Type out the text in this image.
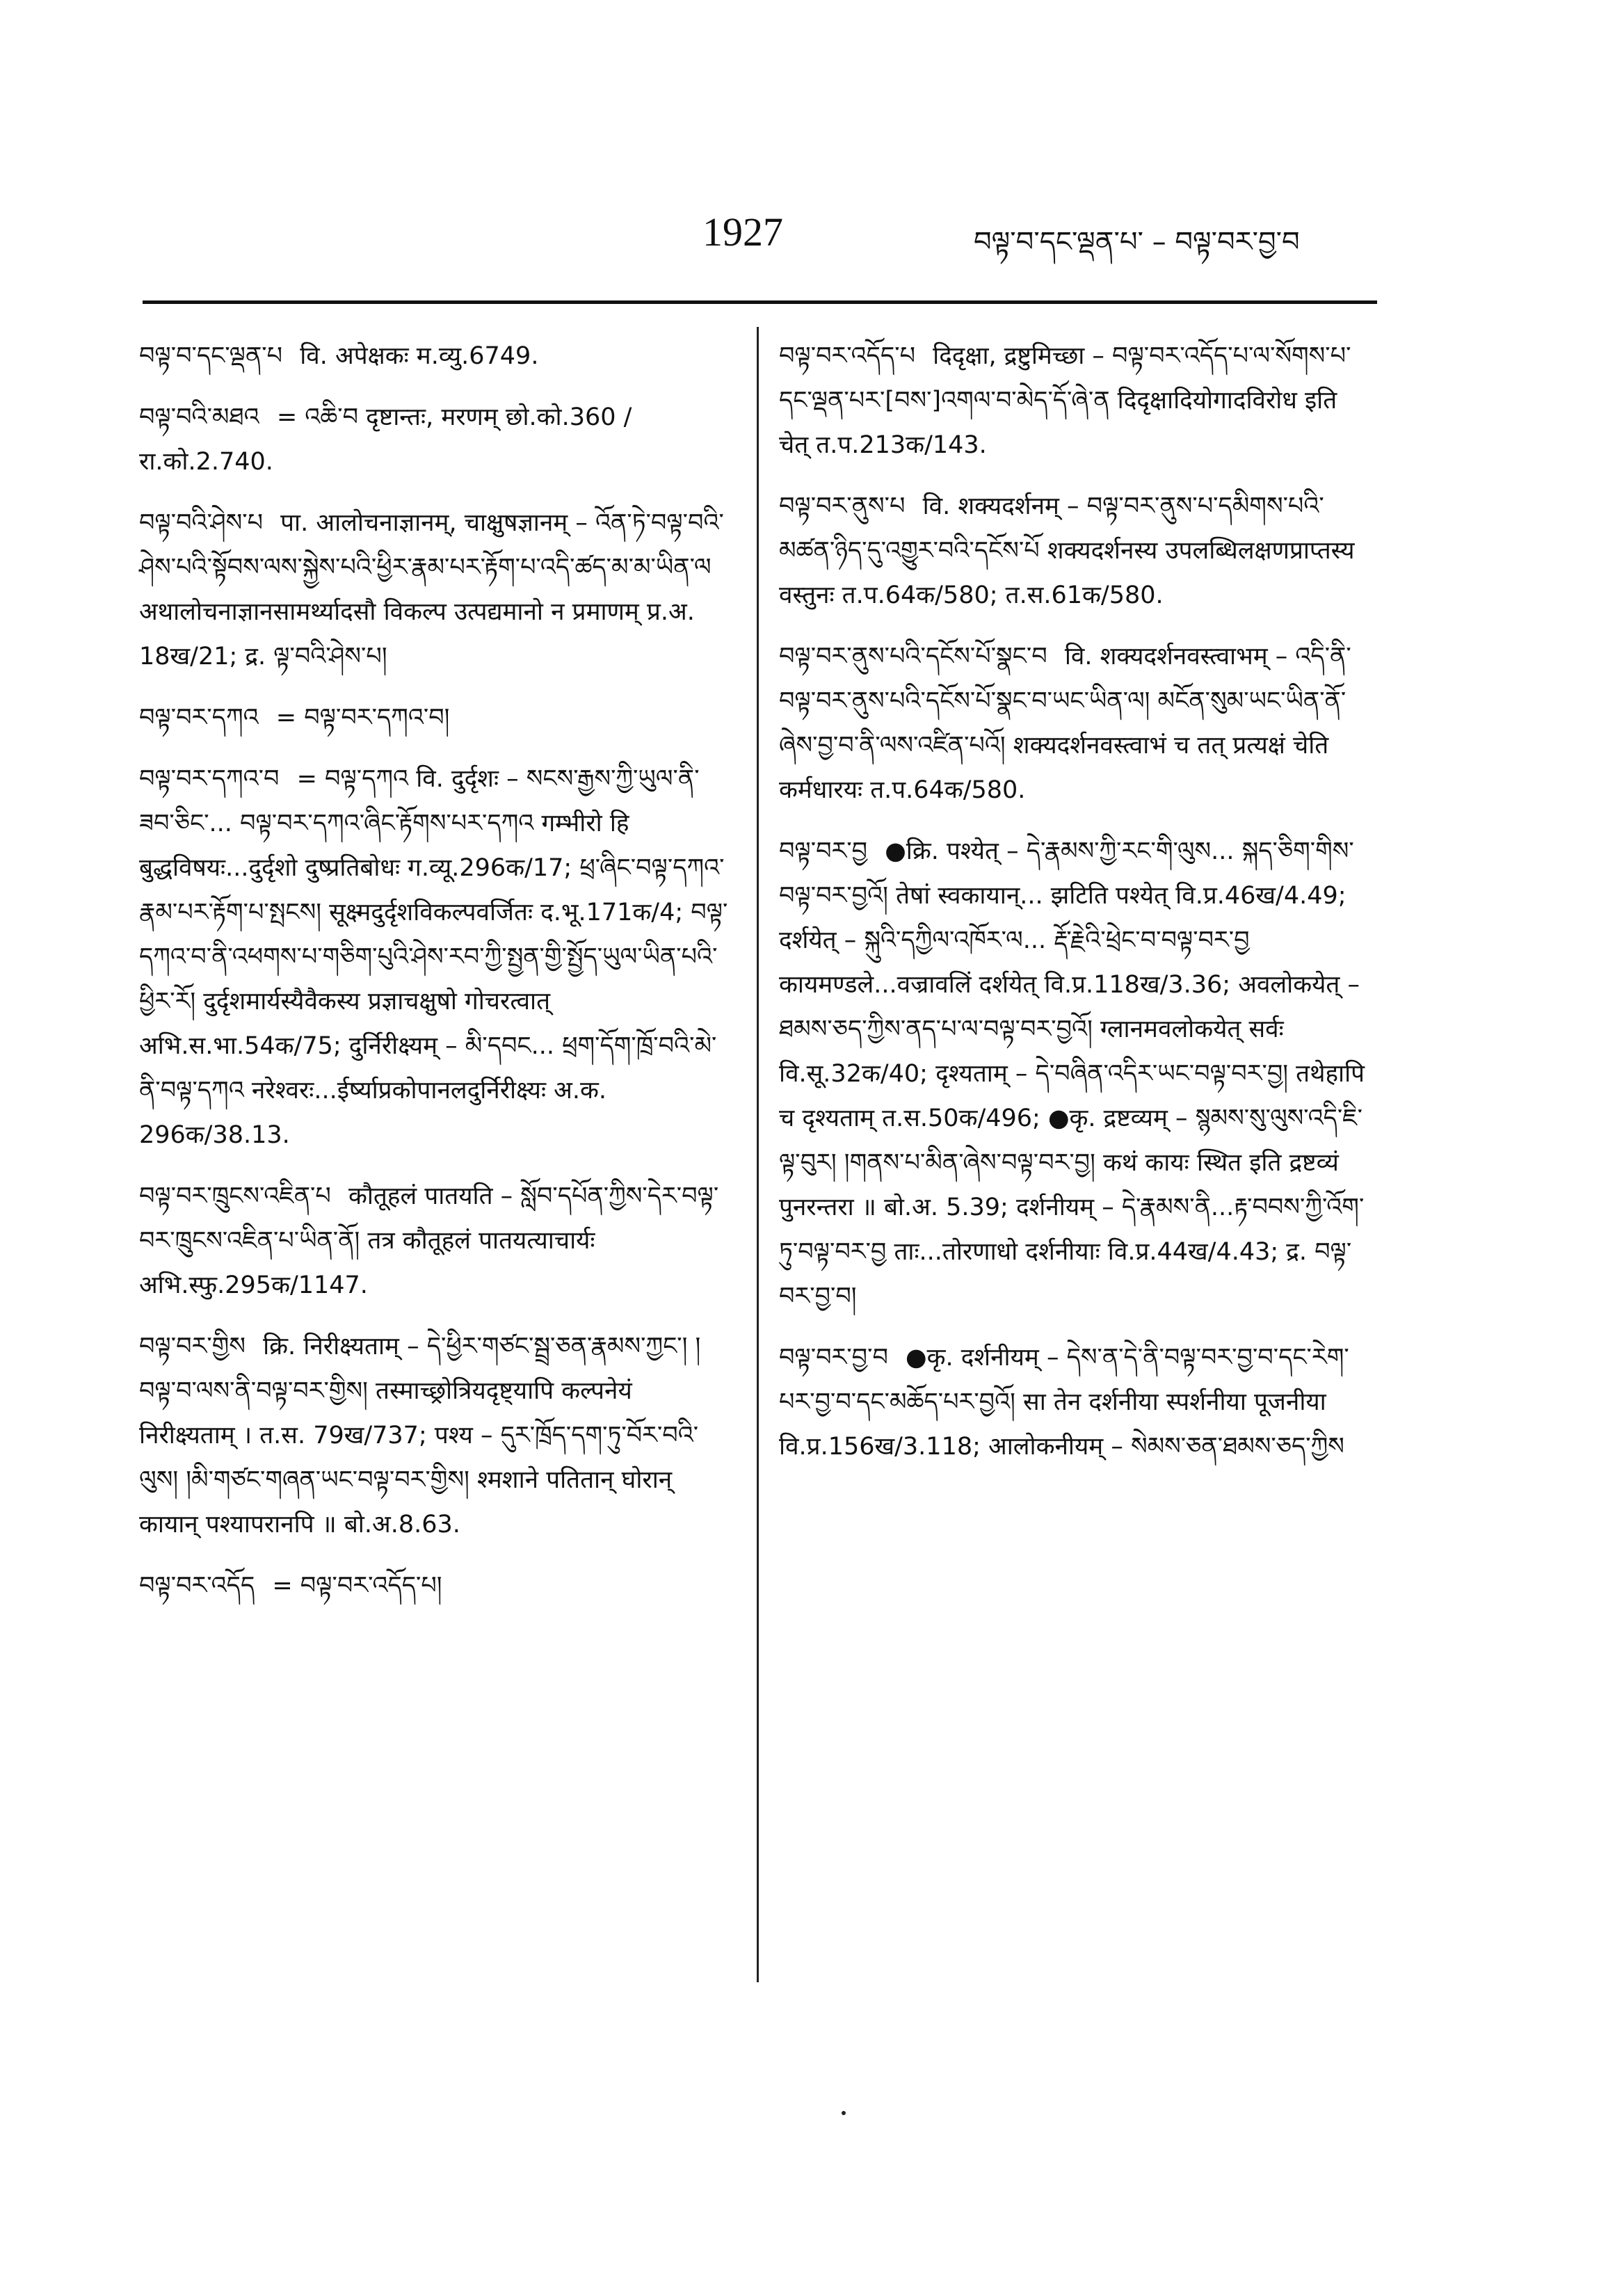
1927	བལྟ་བ་དང་ལྡན་པ་ – བལྟ་བར་བྱ་བ

བལྟ་བ་དང་ལྡན་པ वि. अपेक्षकः म.व्यु.6749.

བལྟ་བའི་མཐའ = འཆི་བ दृष्टान्तः, मरणम् छो.को.360 /रा.को.2.740.

བལྟ་བའི་ཤེས་པ पा. आलोचनाज्ञानम्, चाक्षुषज्ञानम् – འོན་ཏེ་བལྟ་བའི་ཤེས་པའི་སྟོབས་ལས་སྐྱེས་པའི་ཕྱིར་རྣམ་པར་རྟོག་པ་འདི་ཚད་མ་མ་ཡིན་ལ अथालोचनाज्ञानसामर्थ्यादसौ विकल्प उत्पद्यमानो न प्रमाणम् प्र.अ. 18ख/21; द्र. ལྟ་བའི་ཤེས་པ།

བལྟ་བར་དཀའ = བལྟ་བར་དཀའ་བ།

བལྟ་བར་དཀའ་བ = བལྟ་དཀའ वि. दुर्दृशः – སངས་རྒྱས་ཀྱི་ཡུལ་ནི་ཟབ་ཅིང་... བལྟ་བར་དཀའ་ཞིང་རྟོགས་པར་དཀའ गम्भीरो हि बुद्धविषयः...दुर्दृशो दुष्प्रतिबोधः ग.व्यू.296क/17; ཕྲ་ཞིང་བལྟ་དཀའ་རྣམ་པར་རྟོག་པ་སྤངས། सूक्ष्मदुर्दृशविकल्पवर्जितः द.भू.171क/4; བལྟ་དཀའ་བ་ནི་འཕགས་པ་གཅིག་པུའི་ཤེས་རབ་ཀྱི་སྤྱན་གྱི་སྤྱོད་ཡུལ་ཡིན་པའི་ཕྱིར་རོ། दुर्दृशमार्यस्यैवैकस्य प्रज्ञाचक्षुषो गोचरत्वात् अभि.स.भा.54क/75; दुर्निरीक्ष्यम् – མི་དབང... ཕྲག་དོག་ཁྲོ་བའི་མེ་ནི་བལྟ་དཀའ नरेश्वरः...ईर्ष्याप्रकोपानलदुर्निरीक्ष्यः अ.क. 296क/38.13.

བལྟ་བར་ཁྲུངས་འཇིན་པ कौतूहलं पातयति – སློབ་དཔོན་ཀྱིས་དེར་བལྟ་བར་ཁྲུངས་འཇིན་པ་ཡིན་ནོ། तत्र कौतूहलं पातयत्याचार्यः अभि.स्फु.295क/1147.

བལྟ་བར་གྱིས क्रि. निरीक्ष्यताम् – དེ་ཕྱིར་གཙང་སྦྲ་ཅན་རྣམས་ཀྱང་། །བལྟ་བ་ལས་ནི་བལྟ་བར་གྱིས། तस्माच्छ्रोत्रियदृष्ट्यापि कल्पनेयं निरीक्ष्यताम् । त.स. 79ख/737; पश्य – དུར་ཁྲོད་དག་ཏུ་བོར་བའི་ལུས། །མི་གཙང་གཞན་ཡང་བལྟ་བར་གྱིས། श्मशाने पतितान् घोरान् कायान् पश्यापरानपि ॥ बो.अ.8.63.

བལྟ་བར་འདོད = བལྟ་བར་འདོད་པ།

བལྟ་བར་འདོད་པ दिदृक्षा, द्रष्टुमिच्छा – བལྟ་བར་འདོད་པ་ལ་སོགས་པ་དང་ལྡན་པར་[བས་]འགལ་བ་མེད་དོ་ཞེ་ན दिदृक्षादियोगादविरोध इति चेत् त.प.213क/143.

བལྟ་བར་ནུས་པ वि. शक्यदर्शनम् – བལྟ་བར་ནུས་པ་དམིགས་པའི་མཚན་ཉིད་དུ་འགྱུར་བའི་དངོས་པོ शक्यदर्शनस्य उपलब्धिलक्षणप्राप्तस्य वस्तुनः त.प.64क/580; त.स.61क/580.

བལྟ་བར་ནུས་པའི་དངོས་པོ་སྣང་བ वि. शक्यदर्शनवस्त्वाभम् – འདི་ནི་བལྟ་བར་ནུས་པའི་དངོས་པོ་སྣང་བ་ཡང་ཡིན་ལ། མངོན་སུམ་ཡང་ཡིན་ནོ་ཞེས་བྱ་བ་ནི་ལས་འཛིན་པའོ། शक्यदर्शनवस्त्वाभं च तत् प्रत्यक्षं चेति कर्मधारयः त.प.64क/580.

བལྟ་བར་བྱ ●क्रि. पश्येत् – དེ་རྣམས་ཀྱི་རང་གི་ལུས... སྐད་ཅིག་གིས་བལྟ་བར་བྱའོ། तेषां स्वकायान्... झटिति पश्येत् वि.प्र.46ख/4.49; दर्शयेत् – སྐུའི་དཀྱིལ་འཁོར་ལ... རྡོ་རྗེའི་ཕྲེང་བ་བལྟ་བར་བྱ कायमण्डले...वज्रावलिं दर्शयेत् वि.प्र.118ख/3.36; अवलोकयेत् – ཐམས་ཅད་ཀྱིས་ནད་པ་ལ་བལྟ་བར་བྱའོ། ग्लानमवलोकयेत् सर्वः वि.सू.32क/40; दृश्यताम् – དེ་བཞིན་འདིར་ཡང་བལྟ་བར་བྱ། तथेहापि च दृश्यताम् त.स.50क/496; ●कृ. द्रष्टव्यम् – སྙམས་སུ་ལུས་འདི་ཇི་ལྟ་བུར། །གནས་པ་མིན་ཞེས་བལྟ་བར་བྱ། कथं कायः स्थित इति द्रष्टव्यं पुनरन्तरा ॥ बो.अ. 5.39; दर्शनीयम् – དེ་རྣམས་ནི...རྟ་བབས་ཀྱི་འོག་ཏུ་བལྟ་བར་བྱ ताः...तोरणाधो दर्शनीयाः वि.प्र.44ख/4.43; द्र. བལྟ་བར་བྱ་བ།

བལྟ་བར་བྱ་བ ●कृ. दर्शनीयम् – དེས་ན་དེ་ནི་བལྟ་བར་བྱ་བ་དང་རེག་པར་བྱ་བ་དང་མཆོད་པར་བྱའོ། सा तेन दर्शनीया स्पर्शनीया पूजनीया वि.प्र.156ख/3.118; आलोकनीयम् – སེམས་ཅན་ཐམས་ཅད་ཀྱིས
